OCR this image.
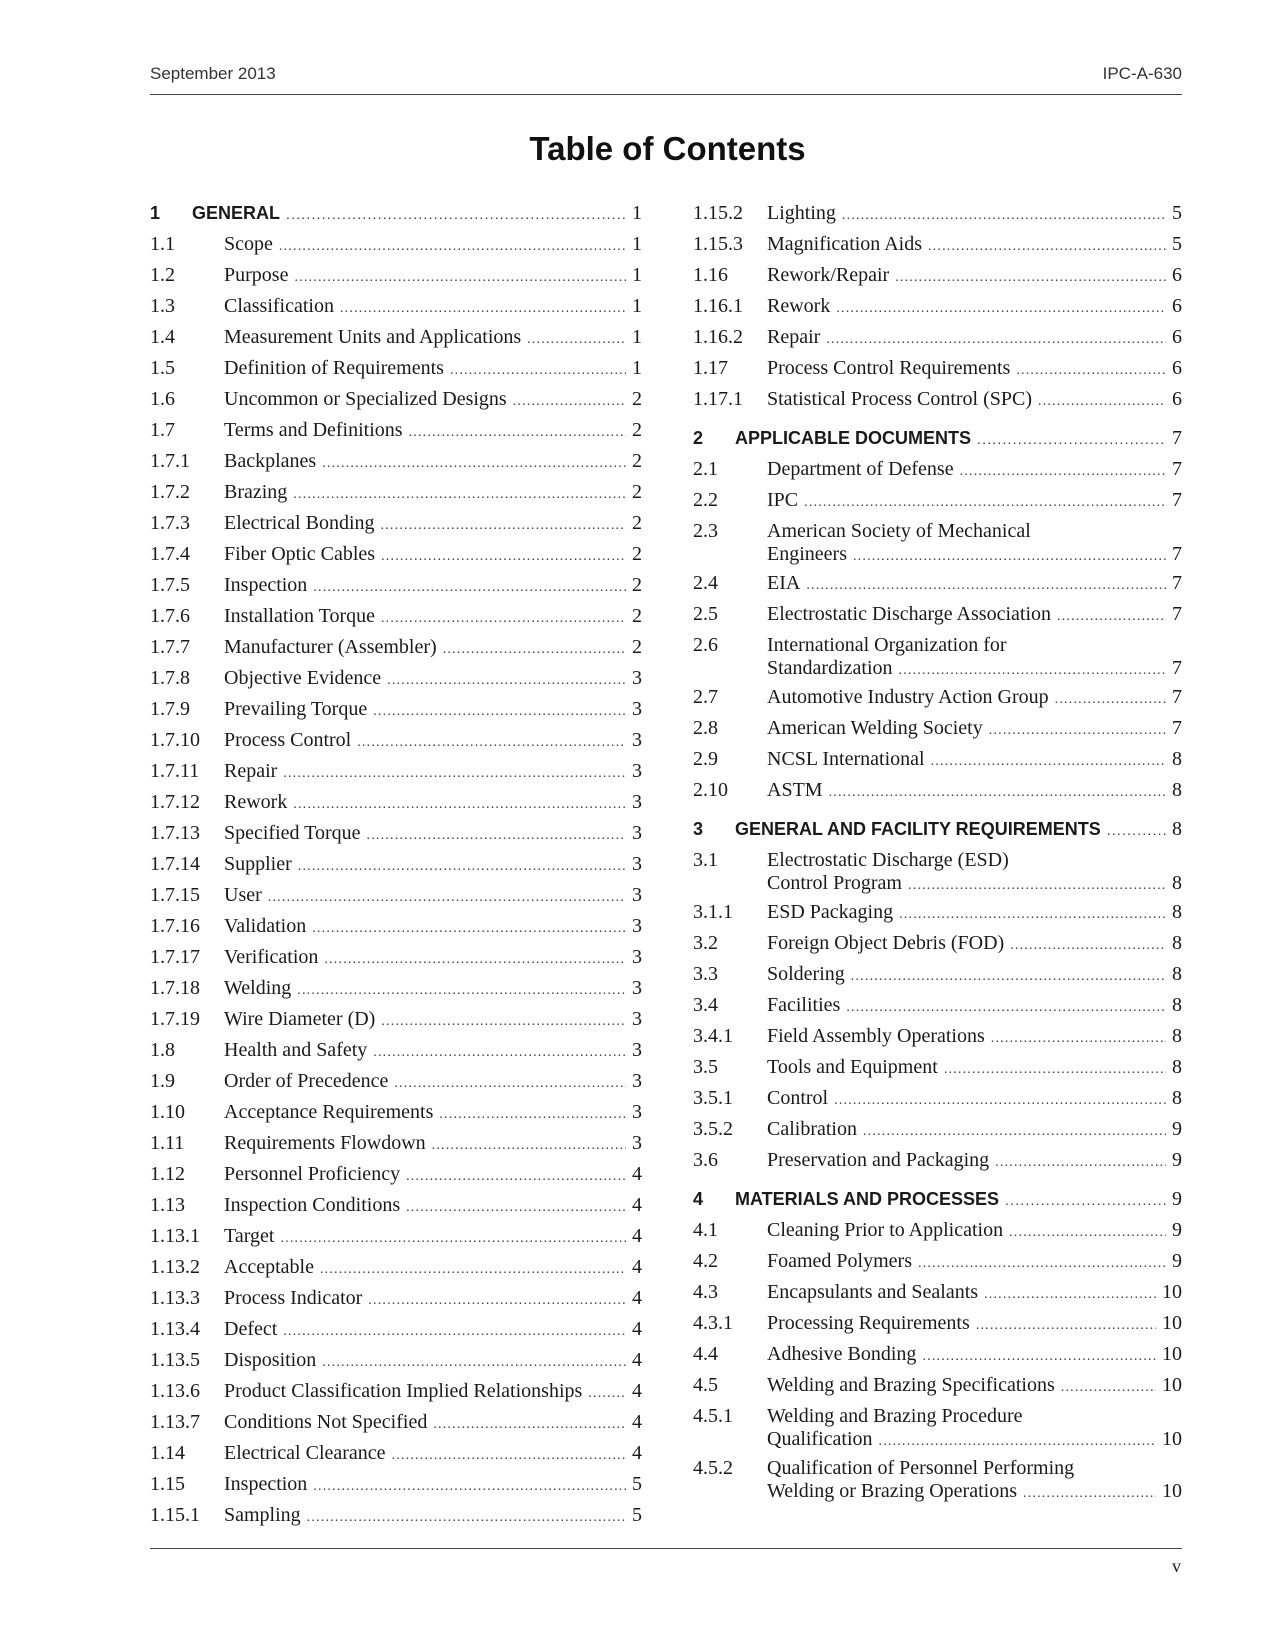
September 2013	IPC-A-630
Table of Contents
1 GENERAL .....	1
1.1 Scope .....	1
1.2 Purpose .....	1
1.3 Classification .....	1
1.4 Measurement Units and Applications .....	1
1.5 Definition of Requirements .....	1
1.6 Uncommon or Specialized Designs .....	2
1.7 Terms and Definitions .....	2
1.7.1 Backplanes .....	2
1.7.2 Brazing .....	2
1.7.3 Electrical Bonding .....	2
1.7.4 Fiber Optic Cables .....	2
1.7.5 Inspection .....	2
1.7.6 Installation Torque .....	2
1.7.7 Manufacturer (Assembler) .....	2
1.7.8 Objective Evidence .....	3
1.7.9 Prevailing Torque .....	3
1.7.10 Process Control .....	3
1.7.11 Repair .....	3
1.7.12 Rework .....	3
1.7.13 Specified Torque .....	3
1.7.14 Supplier .....	3
1.7.15 User .....	3
1.7.16 Validation .....	3
1.7.17 Verification .....	3
1.7.18 Welding .....	3
1.7.19 Wire Diameter (D) .....	3
1.8 Health and Safety .....	3
1.9 Order of Precedence .....	3
1.10 Acceptance Requirements .....	3
1.11 Requirements Flowdown .....	3
1.12 Personnel Proficiency .....	4
1.13 Inspection Conditions .....	4
1.13.1 Target .....	4
1.13.2 Acceptable .....	4
1.13.3 Process Indicator .....	4
1.13.4 Defect .....	4
1.13.5 Disposition .....	4
1.13.6 Product Classification Implied Relationships .....	4
1.13.7 Conditions Not Specified .....	4
1.14 Electrical Clearance .....	4
1.15 Inspection .....	5
1.15.1 Sampling .....	5
1.15.2 Lighting .....	5
1.15.3 Magnification Aids .....	5
1.16 Rework/Repair .....	6
1.16.1 Rework .....	6
1.16.2 Repair .....	6
1.17 Process Control Requirements .....	6
1.17.1 Statistical Process Control (SPC) .....	6
2 APPLICABLE DOCUMENTS .....	7
2.1 Department of Defense .....	7
2.2 IPC .....	7
2.3 American Society of Mechanical
Engineers .....	7
2.4 EIA .....	7
2.5 Electrostatic Discharge Association .....	7
2.6 International Organization for
Standardization .....	7
2.7 Automotive Industry Action Group .....	7
2.8 American Welding Society .....	7
2.9 NCSL International .....	8
2.10 ASTM .....	8
3 GENERAL AND FACILITY REQUIREMENTS .....	8
3.1 Electrostatic Discharge (ESD)
Control Program .....	8
3.1.1 ESD Packaging .....	8
3.2 Foreign Object Debris (FOD) .....	8
3.3 Soldering .....	8
3.4 Facilities .....	8
3.4.1 Field Assembly Operations .....	8
3.5 Tools and Equipment .....	8
3.5.1 Control .....	8
3.5.2 Calibration .....	9
3.6 Preservation and Packaging .....	9
4 MATERIALS AND PROCESSES .....	9
4.1 Cleaning Prior to Application .....	9
4.2 Foamed Polymers .....	9
4.3 Encapsulants and Sealants .....	10
4.3.1 Processing Requirements .....	10
4.4 Adhesive Bonding .....	10
4.5 Welding and Brazing Specifications .....	10
4.5.1 Welding and Brazing Procedure
Qualification .....	10
4.5.2 Qualification of Personnel Performing
Welding or Brazing Operations .....	10
v
